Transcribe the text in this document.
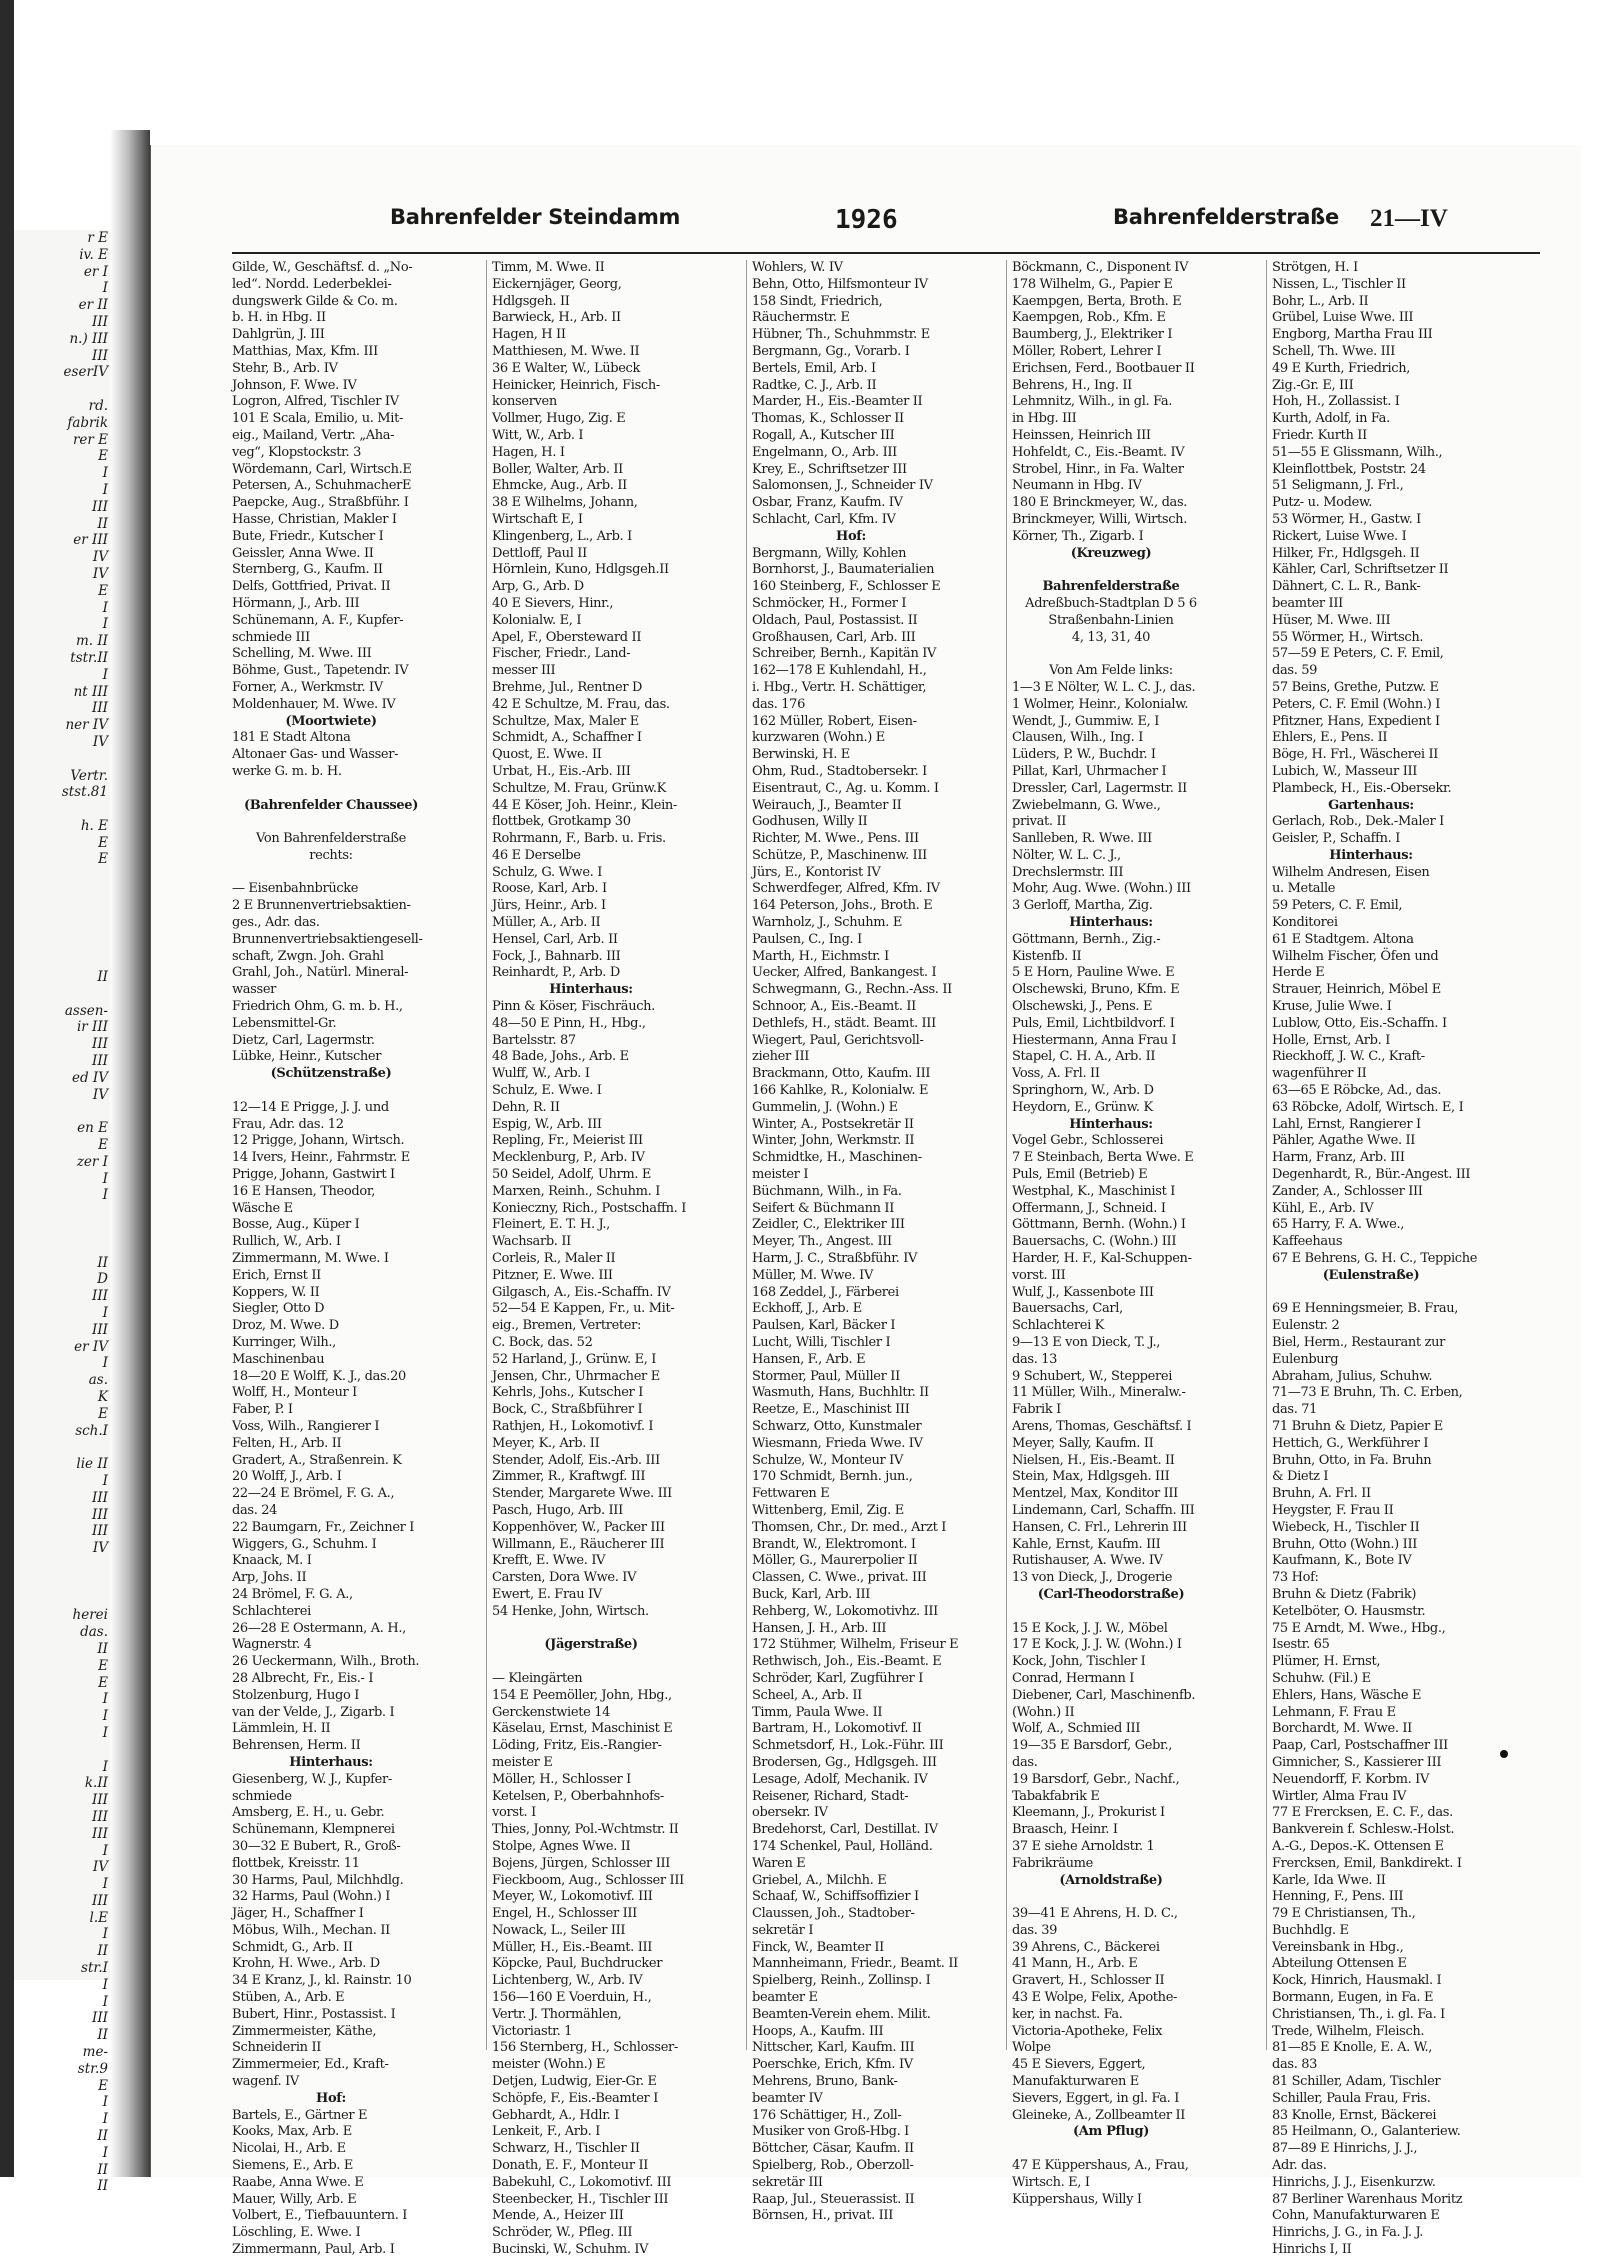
r E
iv. E
er I
I
er II
III
n.) III
III
eserIV

rd.
fabrik
rer E
E
I
I
III
II
er III
IV
IV
E
I
I
m. II
tstr.II
I
nt III
III
ner IV
IV

Vertr.
stst.81

h. E
E
E

II

assen-
ir III
III
III
ed IV
IV

en E
E
zer I
I
I

II
D
III
I
III
er IV
I
as.
K
E
sch.I

lie II
I
III
III
III
IV

herei
das.
II
E
E
I
I
I

I
k.II
III
III
III
I
IV
I
III
l.E
I
II
str.I
I
I
III
II
me-
str.9
E
I
I
II
I
II
II
Bahrenfelder Steindamm	1926	Bahrenfelderstraße 21—IV
Gilde, W., Geschäftsf. d. „No-
led“. Nordd. Lederbeklei-
dungswerk Gilde & Co. m.
b. H. in Hbg. II
Dahlgrün, J. III
Matthias, Max, Kfm. III
Stehr, B., Arb. IV
Johnson, F. Wwe. IV
Logron, Alfred, Tischler IV
101 E Scala, Emilio, u. Mit-
eig., Mailand, Vertr. „Aha-
veg“, Klopstockstr. 3
Wördemann, Carl, Wirtsch.E
Petersen, A., SchuhmacherE
Paepcke, Aug., Straßbführ. I
Hasse, Christian, Makler I
Bute, Friedr., Kutscher I
Geissler, Anna Wwe. II
Sternberg, G., Kaufm. II
Delfs, Gottfried, Privat. II
Hörmann, J., Arb. III
Schünemann, A. F., Kupfer-
schmiede III
Schelling, M. Wwe. III
Böhme, Gust., Tapetendr. IV
Forner, A., Werkmstr. IV
Moldenhauer, M. Wwe. IV
(Moortwiete)
181 E Stadt Altona
Altonaer Gas- und Wasser-
werke G. m. b. H.

(Bahrenfelder Chaussee)

Von Bahrenfelderstraße
rechts:

— Eisenbahnbrücke
2 E Brunnenvertriebsaktien-
ges., Adr. das.
Brunnenvertriebsaktiengesell-
schaft, Zwgn. Joh. Grahl
Grahl, Joh., Natürl. Mineral-
wasser
Friedrich Ohm, G. m. b. H.,
Lebensmittel-Gr.
Dietz, Carl, Lagermstr.
Lübke, Heinr., Kutscher
(Schützenstraße)

12—14 E Prigge, J. J. und
Frau, Adr. das. 12
12 Prigge, Johann, Wirtsch.
14 Ivers, Heinr., Fahrmstr. E
Prigge, Johann, Gastwirt I
16 E Hansen, Theodor,
Wäsche E
Bosse, Aug., Küper I
Rullich, W., Arb. I
Zimmermann, M. Wwe. I
Erich, Ernst II
Koppers, W. II
Siegler, Otto D
Droz, M. Wwe. D
Kurringer, Wilh.,
Maschinenbau
18—20 E Wolff, K. J., das.20
Wolff, H., Monteur I
Faber, P. I
Voss, Wilh., Rangierer I
Felten, H., Arb. II
Gradert, A., Straßenrein. K
20 Wolff, J., Arb. I
22—24 E Brömel, F. G. A.,
das. 24
22 Baumgarn, Fr., Zeichner I
Wiggers, G., Schuhm. I
Knaack, M. I
Arp, Johs. II
24 Brömel, F. G. A.,
Schlachterei
26—28 E Ostermann, A. H.,
Wagnerstr. 4
26 Ueckermann, Wilh., Broth.
28 Albrecht, Fr., Eis.- I
Stolzenburg, Hugo I
van der Velde, J., Zigarb. I
Lämmlein, H. II
Behrensen, Herm. II
Hinterhaus:
Giesenberg, W. J., Kupfer-
schmiede
Amsberg, E. H., u. Gebr.
Schünemann, Klempnerei
30—32 E Bubert, R., Groß-
flottbek, Kreisstr. 11
30 Harms, Paul, Milchhdlg.
32 Harms, Paul (Wohn.) I
Jäger, H., Schaffner I
Möbus, Wilh., Mechan. II
Schmidt, G., Arb. II
Krohn, H. Wwe., Arb. D
34 E Kranz, J., kl. Rainstr. 10
Stüben, A., Arb. E
Bubert, Hinr., Postassist. I
Zimmermeister, Käthe,
Schneiderin II
Zimmermeier, Ed., Kraft-
wagenf. IV
Hof:
Bartels, E., Gärtner E
Kooks, Max, Arb. E
Nicolai, H., Arb. E
Siemens, E., Arb. E
Raabe, Anna Wwe. E
Mauer, Willy, Arb. E
Volbert, E., Tiefbauuntern. I
Löschling, E. Wwe. I
Zimmermann, Paul, Arb. I
Timm, M. Wwe. II
Eickernjäger, Georg,
Hdlgsgeh. II
Barwieck, H., Arb. II
Hagen, H II
Matthiesen, M. Wwe. II
36 E Walter, W., Lübeck
Heinicker, Heinrich, Fisch-
konserven
Vollmer, Hugo, Zig. E
Witt, W., Arb. I
Hagen, H. I
Boller, Walter, Arb. II
Ehmcke, Aug., Arb. II
38 E Wilhelms, Johann,
Wirtschaft E, I
Klingenberg, L., Arb. I
Dettloff, Paul II
Hörnlein, Kuno, Hdlgsgeh.II
Arp, G., Arb. D
40 E Sievers, Hinr.,
Kolonialw. E, I
Apel, F., Obersteward II
Fischer, Friedr., Land-
messer III
Brehme, Jul., Rentner D
42 E Schultze, M. Frau, das.
Schultze, Max, Maler E
Schmidt, A., Schaffner I
Quost, E. Wwe. II
Urbat, H., Eis.-Arb. III
Schultze, M. Frau, Grünw.K
44 E Köser, Joh. Heinr., Klein-
flottbek, Grotkamp 30
Rohrmann, F., Barb. u. Fris.
46 E Derselbe
Schulz, G. Wwe. I
Roose, Karl, Arb. I
Jürs, Heinr., Arb. I
Müller, A., Arb. II
Hensel, Carl, Arb. II
Fock, J., Bahnarb. III
Reinhardt, P., Arb. D
Hinterhaus:
Pinn & Köser, Fischräuch.
48—50 E Pinn, H., Hbg.,
Bartelsstr. 87
48 Bade, Johs., Arb. E
Wulff, W., Arb. I
Schulz, E. Wwe. I
Dehn, R. II
Espig, W., Arb. III
Repling, Fr., Meierist III
Mecklenburg, P., Arb. IV
50 Seidel, Adolf, Uhrm. E
Marxen, Reinh., Schuhm. I
Konieczny, Rich., Postschaffn. I
Fleinert, E. T. H. J.,
Wachsarb. II
Corleis, R., Maler II
Pitzner, E. Wwe. III
Gilgasch, A., Eis.-Schaffn. IV
52—54 E Kappen, Fr., u. Mit-
eig., Bremen, Vertreter:
C. Bock, das. 52
52 Harland, J., Grünw. E, I
Jensen, Chr., Uhrmacher E
Kehrls, Johs., Kutscher I
Bock, C., Straßbführer I
Rathjen, H., Lokomotivf. I
Meyer, K., Arb. II
Stender, Adolf, Eis.-Arb. III
Zimmer, R., Kraftwgf. III
Stender, Margarete Wwe. III
Pasch, Hugo, Arb. III
Koppenhöver, W., Packer III
Willmann, E., Räucherer III
Krefft, E. Wwe. IV
Carsten, Dora Wwe. IV
Ewert, E. Frau IV
54 Henke, John, Wirtsch.

(Jägerstraße)

— Kleingärten
154 E Peemöller, John, Hbg.,
Gerckenstwiete 14
Käselau, Ernst, Maschinist E
Löding, Fritz, Eis.-Rangier-
meister E
Möller, H., Schlosser I
Ketelsen, P., Oberbahnhofs-
vorst. I
Thies, Jonny, Pol.-Wchtmstr. II
Stolpe, Agnes Wwe. II
Bojens, Jürgen, Schlosser III
Fieckboom, Aug., Schlosser III
Meyer, W., Lokomotivf. III
Engel, H., Schlosser III
Nowack, L., Seiler III
Müller, H., Eis.-Beamt. III
Köpcke, Paul, Buchdrucker
Lichtenberg, W., Arb. IV
156—160 E Voerduin, H.,
Vertr. J. Thormählen,
Victoriastr. 1
156 Sternberg, H., Schlosser-
meister (Wohn.) E
Detjen, Ludwig, Eier-Gr. E
Schöpfe, F., Eis.-Beamter I
Gebhardt, A., Hdlr. I
Lenkeit, F., Arb. I
Schwarz, H., Tischler II
Donath, E. F., Monteur II
Babekuhl, C., Lokomotivf. III
Steenbecker, H., Tischler III
Mende, A., Heizer III
Schröder, W., Pfleg. III
Bucinski, W., Schuhm. IV
Wohlers, W. IV
Behn, Otto, Hilfsmonteur IV
158 Sindt, Friedrich,
Räuchermstr. E
Hübner, Th., Schuhmmstr. E
Bergmann, Gg., Vorarb. I
Bertels, Emil, Arb. I
Radtke, C. J., Arb. II
Marder, H., Eis.-Beamter II
Thomas, K., Schlosser II
Rogall, A., Kutscher III
Engelmann, O., Arb. III
Krey, E., Schriftsetzer III
Salomonsen, J., Schneider IV
Osbar, Franz, Kaufm. IV
Schlacht, Carl, Kfm. IV
Hof:
Bergmann, Willy, Kohlen
Bornhorst, J., Baumaterialien
160 Steinberg, F., Schlosser E
Schmöcker, H., Former I
Oldach, Paul, Postassist. II
Großhausen, Carl, Arb. III
Schreiber, Bernh., Kapitän IV
162—178 E Kuhlendahl, H.,
i. Hbg., Vertr. H. Schättiger,
das. 176
162 Müller, Robert, Eisen-
kurzwaren (Wohn.) E
Berwinski, H. E
Ohm, Rud., Stadtobersekr. I
Eisentraut, C., Ag. u. Komm. I
Weirauch, J., Beamter II
Godhusen, Willy II
Richter, M. Wwe., Pens. III
Schütze, P., Maschinenw. III
Jürs, E., Kontorist IV
Schwerdfeger, Alfred, Kfm. IV
164 Peterson, Johs., Broth. E
Warnholz, J., Schuhm. E
Paulsen, C., Ing. I
Marth, H., Eichmstr. I
Uecker, Alfred, Bankangest. I
Schwegmann, G., Rechn.-Ass. II
Schnoor, A., Eis.-Beamt. II
Dethlefs, H., städt. Beamt. III
Wiegert, Paul, Gerichtsvoll-
zieher III
Brackmann, Otto, Kaufm. III
166 Kahlke, R., Kolonialw. E
Gummelin, J. (Wohn.) E
Winter, A., Postsekretär II
Winter, John, Werkmstr. II
Schmidtke, H., Maschinen-
meister I
Büchmann, Wilh., in Fa.
Seifert & Büchmann II
Zeidler, C., Elektriker III
Meyer, Th., Angest. III
Harm, J. C., Straßbführ. IV
Müller, M. Wwe. IV
168 Zeddel, J., Färberei
Eckhoff, J., Arb. E
Paulsen, Karl, Bäcker I
Lucht, Willi, Tischler I
Hansen, F., Arb. E
Stormer, Paul, Müller II
Wasmuth, Hans, Buchhltr. II
Reetze, E., Maschinist III
Schwarz, Otto, Kunstmaler
Wiesmann, Frieda Wwe. IV
Schulze, W., Monteur IV
170 Schmidt, Bernh. jun.,
Fettwaren E
Wittenberg, Emil, Zig. E
Thomsen, Chr., Dr. med., Arzt I
Brandt, W., Elektromont. I
Möller, G., Maurerpolier II
Classen, C. Wwe., privat. III
Buck, Karl, Arb. III
Rehberg, W., Lokomotivhz. III
Hansen, J. H., Arb. III
172 Stühmer, Wilhelm, Friseur E
Rethwisch, Joh., Eis.-Beamt. E
Schröder, Karl, Zugführer I
Scheel, A., Arb. II
Timm, Paula Wwe. II
Bartram, H., Lokomotivf. II
Schmetsdorf, H., Lok.-Führ. III
Brodersen, Gg., Hdlgsgeh. III
Lesage, Adolf, Mechanik. IV
Reisener, Richard, Stadt-
obersekr. IV
Bredehorst, Carl, Destillat. IV
174 Schenkel, Paul, Holländ.
Waren E
Griebel, A., Milchh. E
Schaaf, W., Schiffsoffizier I
Claussen, Joh., Stadtober-
sekretär I
Finck, W., Beamter II
Mannheimann, Friedr., Beamt. II
Spielberg, Reinh., Zollinsp. I
beamter E
Beamten-Verein ehem. Milit.
Hoops, A., Kaufm. III
Nittscher, Karl, Kaufm. III
Poerschke, Erich, Kfm. IV
Mehrens, Bruno, Bank-
beamter IV
176 Schättiger, H., Zoll-
Musiker von Groß-Hbg. I
Böttcher, Cäsar, Kaufm. II
Spielberg, Rob., Oberzoll-
sekretär III
Raap, Jul., Steuerassist. II
Börnsen, H., privat. III
Böckmann, C., Disponent IV
178 Wilhelm, G., Papier E
Kaempgen, Berta, Broth. E
Kaempgen, Rob., Kfm. E
Baumberg, J., Elektriker I
Möller, Robert, Lehrer I
Erichsen, Ferd., Bootbauer II
Behrens, H., Ing. II
Lehmnitz, Wilh., in gl. Fa.
in Hbg. III
Heinssen, Heinrich III
Hohfeldt, C., Eis.-Beamt. IV
Strobel, Hinr., in Fa. Walter
Neumann in Hbg. IV
180 E Brinckmeyer, W., das.
Brinckmeyer, Willi, Wirtsch.
Körner, Th., Zigarb. I
(Kreuzweg)

Bahrenfelderstraße
Adreßbuch-Stadtplan D 5 6
Straßenbahn-Linien
4, 13, 31, 40

Von Am Felde links:
1—3 E Nölter, W. L. C. J., das.
1 Wolmer, Heinr., Kolonialw.
Wendt, J., Gummiw. E, I
Clausen, Wilh., Ing. I
Lüders, P. W., Buchdr. I
Pillat, Karl, Uhrmacher I
Dressler, Carl, Lagermstr. II
Zwiebelmann, G. Wwe.,
privat. II
Sanlleben, R. Wwe. III
Nölter, W. L. C. J.,
Drechslermstr. III
Mohr, Aug. Wwe. (Wohn.) III
3 Gerloff, Martha, Zig.
Hinterhaus:
Göttmann, Bernh., Zig.-
Kistenfb. II
5 E Horn, Pauline Wwe. E
Olschewski, Bruno, Kfm. E
Olschewski, J., Pens. E
Puls, Emil, Lichtbildvorf. I
Hiestermann, Anna Frau I
Stapel, C. H. A., Arb. II
Voss, A. Frl. II
Springhorn, W., Arb. D
Heydorn, E., Grünw. K
Hinterhaus:
Vogel Gebr., Schlosserei
7 E Steinbach, Berta Wwe. E
Puls, Emil (Betrieb) E
Westphal, K., Maschinist I
Offermann, J., Schneid. I
Göttmann, Bernh. (Wohn.) I
Bauersachs, C. (Wohn.) III
Harder, H. F., Kal-Schuppen-
vorst. III
Wulf, J., Kassenbote III
Bauersachs, Carl,
Schlachterei K
9—13 E von Dieck, T. J.,
das. 13
9 Schubert, W., Stepperei
11 Müller, Wilh., Mineralw.-
Fabrik I
Arens, Thomas, Geschäftsf. I
Meyer, Sally, Kaufm. II
Nielsen, H., Eis.-Beamt. II
Stein, Max, Hdlgsgeh. III
Mentzel, Max, Konditor III
Lindemann, Carl, Schaffn. III
Hansen, C. Frl., Lehrerin III
Kahle, Ernst, Kaufm. III
Rutishauser, A. Wwe. IV
13 von Dieck, J., Drogerie
(Carl-Theodorstraße)

15 E Kock, J. J. W., Möbel
17 E Kock, J. J. W. (Wohn.) I
Kock, John, Tischler I
Conrad, Hermann I
Diebener, Carl, Maschinenfb.
(Wohn.) II
Wolf, A., Schmied III
19—35 E Barsdorf, Gebr.,
das.
19 Barsdorf, Gebr., Nachf.,
Tabakfabrik E
Kleemann, J., Prokurist I
Braasch, Heinr. I
37 E siehe Arnoldstr. 1
Fabrikräume
(Arnoldstraße)

39—41 E Ahrens, H. D. C.,
das. 39
39 Ahrens, C., Bäckerei
41 Mann, H., Arb. E
Gravert, H., Schlosser II
43 E Wolpe, Felix, Apothe-
ker, in nachst. Fa.
Victoria-Apotheke, Felix
Wolpe
45 E Sievers, Eggert,
Manufakturwaren E
Sievers, Eggert, in gl. Fa. I
Gleineke, A., Zollbeamter II
(Am Pflug)

47 E Küppershaus, A., Frau,
Wirtsch. E, I
Küppershaus, Willy I
Strötgen, H. I
Nissen, L., Tischler II
Bohr, L., Arb. II
Grübel, Luise Wwe. III
Engborg, Martha Frau III
Schell, Th. Wwe. III
49 E Kurth, Friedrich,
Zig.-Gr. E, III
Hoh, H., Zollassist. I
Kurth, Adolf, in Fa.
Friedr. Kurth II
51—55 E Glissmann, Wilh.,
Kleinflottbek, Poststr. 24
51 Seligmann, J. Frl.,
Putz- u. Modew.
53 Wörmer, H., Gastw. I
Rickert, Luise Wwe. I
Hilker, Fr., Hdlgsgeh. II
Kähler, Carl, Schriftsetzer II
Dähnert, C. L. R., Bank-
beamter III
Hüser, M. Wwe. III
55 Wörmer, H., Wirtsch.
57—59 E Peters, C. F. Emil,
das. 59
57 Beins, Grethe, Putzw. E
Peters, C. F. Emil (Wohn.) I
Pfitzner, Hans, Expedient I
Ehlers, E., Pens. II
Böge, H. Frl., Wäscherei II
Lubich, W., Masseur III
Plambeck, H., Eis.-Obersekr.
Gartenhaus:
Gerlach, Rob., Dek.-Maler I
Geisler, P., Schaffn. I
Hinterhaus:
Wilhelm Andresen, Eisen
u. Metalle
59 Peters, C. F. Emil,
Konditorei
61 E Stadtgem. Altona
Wilhelm Fischer, Öfen und
Herde E
Strauer, Heinrich, Möbel E
Kruse, Julie Wwe. I
Lublow, Otto, Eis.-Schaffn. I
Holle, Ernst, Arb. I
Rieckhoff, J. W. C., Kraft-
wagenführer II
63—65 E Röbcke, Ad., das.
63 Röbcke, Adolf, Wirtsch. E, I
Lahl, Ernst, Rangierer I
Pähler, Agathe Wwe. II
Harm, Franz, Arb. III
Degenhardt, R., Bür.-Angest. III
Zander, A., Schlosser III
Kühl, E., Arb. IV
65 Harry, F. A. Wwe.,
Kaffeehaus
67 E Behrens, G. H. C., Teppiche
(Eulenstraße)

69 E Henningsmeier, B. Frau,
Eulenstr. 2
Biel, Herm., Restaurant zur
Eulenburg
Abraham, Julius, Schuhw.
71—73 E Bruhn, Th. C. Erben,
das. 71
71 Bruhn & Dietz, Papier E
Hettich, G., Werkführer I
Bruhn, Otto, in Fa. Bruhn
& Dietz I
Bruhn, A. Frl. II
Heygster, F. Frau II
Wiebeck, H., Tischler II
Bruhn, Otto (Wohn.) III
Kaufmann, K., Bote IV
73 Hof:
Bruhn & Dietz (Fabrik)
Ketelböter, O. Hausmstr.
75 E Arndt, M. Wwe., Hbg.,
Isestr. 65
Plümer, H. Ernst,
Schuhw. (Fil.) E
Ehlers, Hans, Wäsche E
Lehmann, F. Frau E
Borchardt, M. Wwe. II
Paap, Carl, Postschaffner III
Gimnicher, S., Kassierer III
Neuendorff, F. Korbm. IV
Wirtler, Alma Frau IV
77 E Frercksen, E. C. F., das.
Bankverein f. Schlesw.-Holst.
A.-G., Depos.-K. Ottensen E
Frercksen, Emil, Bankdirekt. I
Karle, Ida Wwe. II
Henning, F., Pens. III
79 E Christiansen, Th.,
Buchhdlg. E
Vereinsbank in Hbg.,
Abteilung Ottensen E
Kock, Hinrich, Hausmakl. I
Bormann, Eugen, in Fa. E
Christiansen, Th., i. gl. Fa. I
Trede, Wilhelm, Fleisch.
81—85 E Knolle, E. A. W.,
das. 83
81 Schiller, Adam, Tischler
Schiller, Paula Frau, Fris.
83 Knolle, Ernst, Bäckerei
85 Heilmann, O., Galanteriew.
87—89 E Hinrichs, J. J.,
Adr. das.
Hinrichs, J. J., Eisenkurzw.
87 Berliner Warenhaus Moritz
Cohn, Manufakturwaren E
Hinrichs, J. G., in Fa. J. J.
Hinrichs I, II
